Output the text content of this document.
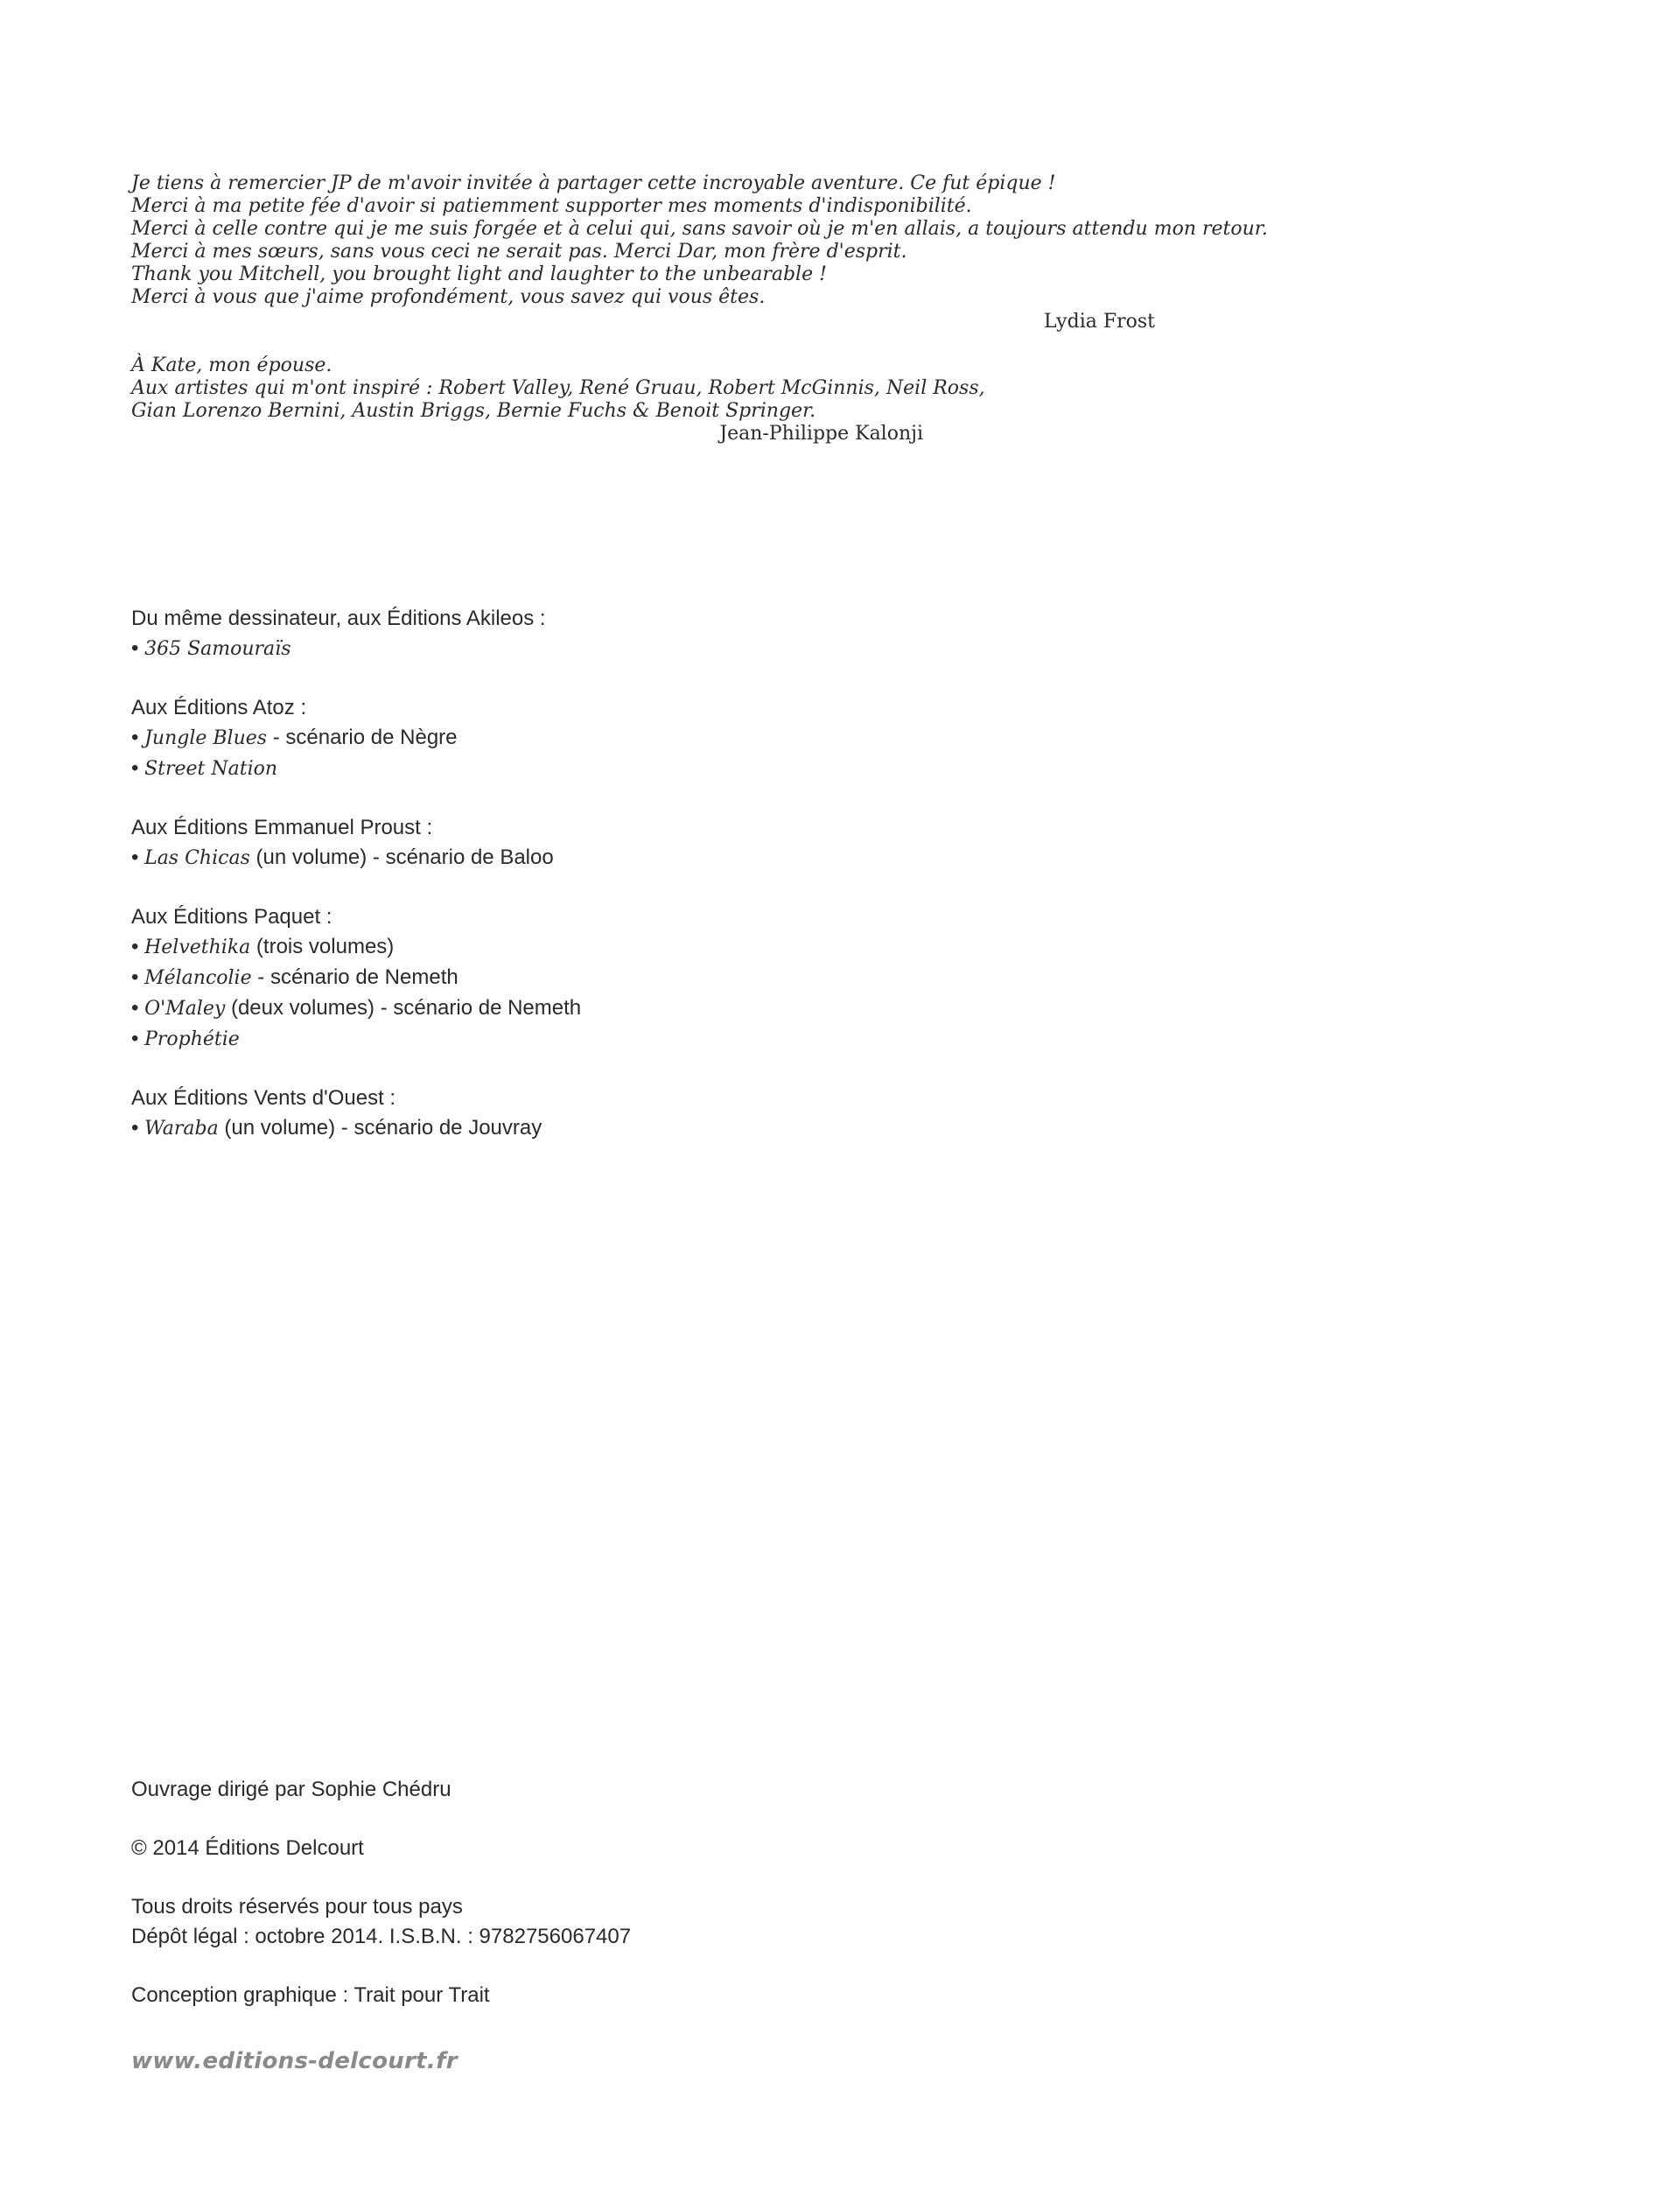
Je tiens à remercier JP de m'avoir invitée à partager cette incroyable aventure. Ce fut épique !
Merci à ma petite fée d'avoir si patiemment supporter mes moments d'indisponibilité.
Merci à celle contre qui je me suis forgée et à celui qui, sans savoir où je m'en allais, a toujours attendu mon retour.
Merci à mes sœurs, sans vous ceci ne serait pas. Merci Dar, mon frère d'esprit.
Thank you Mitchell, you brought light and laughter to the unbearable !
Merci à vous que j'aime profondément, vous savez qui vous êtes.
Lydia Frost
À Kate, mon épouse.
Aux artistes qui m'ont inspiré : Robert Valley, René Gruau, Robert McGinnis, Neil Ross,
Gian Lorenzo Bernini, Austin Briggs, Bernie Fuchs & Benoit Springer.
Jean-Philippe Kalonji
Du même dessinateur, aux Éditions Akileos :
• 365 Samouraïs
Aux Éditions Atoz :
• Jungle Blues - scénario de Nègre
• Street Nation
Aux Éditions Emmanuel Proust :
• Las Chicas (un volume) - scénario de Baloo
Aux Éditions Paquet :
• Helvethika (trois volumes)
• Mélancolie - scénario de Nemeth
• O'Maley (deux volumes) - scénario de Nemeth
• Prophétie
Aux Éditions Vents d'Ouest :
• Waraba (un volume) - scénario de Jouvray
Ouvrage dirigé par Sophie Chédru
© 2014 Éditions Delcourt
Tous droits réservés pour tous pays
Dépôt légal : octobre 2014. I.S.B.N. : 9782756067407
Conception graphique : Trait pour Trait
www.editions-delcourt.fr
